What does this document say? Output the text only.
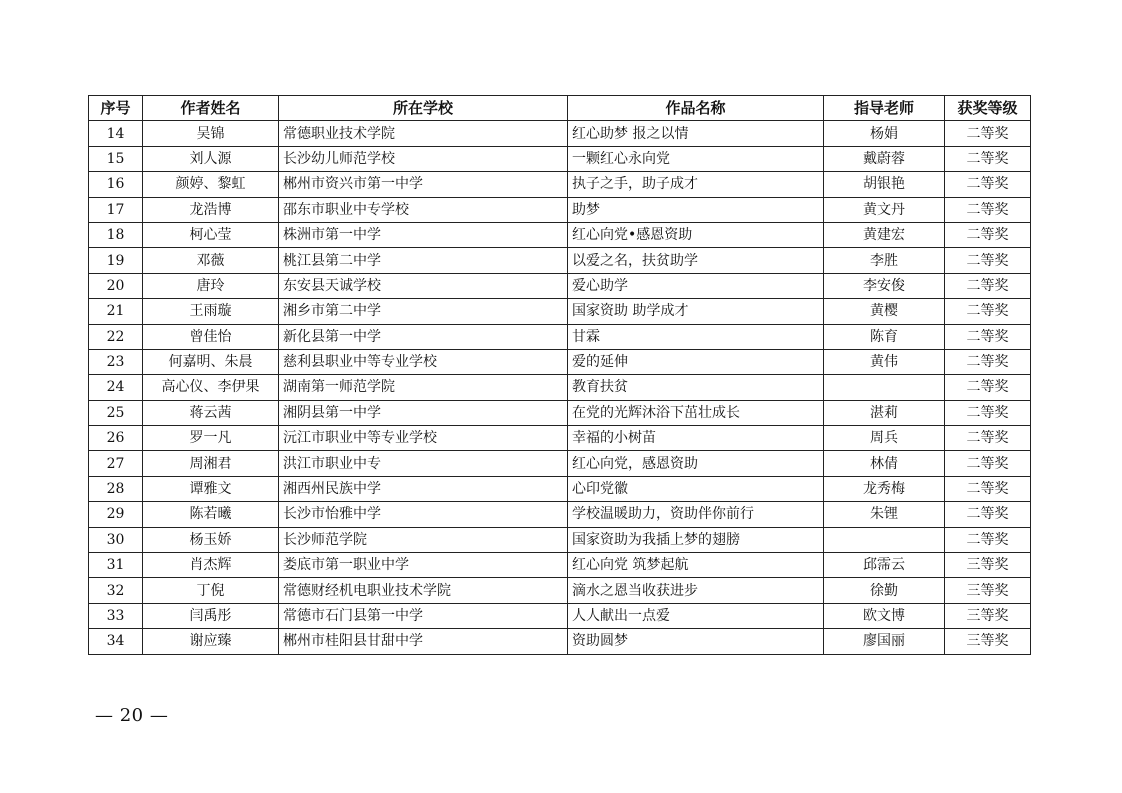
序号	作者姓名	所在学校	作品名称	指导老师	获奖等级
14	吴锦	常德职业技术学院	红心助梦 报之以情	杨娟	二等奖
15	刘人源	长沙幼儿师范学校	一颗红心永向党	戴蔚蓉	二等奖
16	颜婷、黎虹	郴州市资兴市第一中学	执子之手，助子成才	胡银艳	二等奖
17	龙浩博	邵东市职业中专学校	助梦	黄文丹	二等奖
18	柯心莹	株洲市第一中学	红心向党•感恩资助	黄建宏	二等奖
19	邓薇	桃江县第二中学	以爱之名，扶贫助学	李胜	二等奖
20	唐玲	东安县天诚学校	爱心助学	李安俊	二等奖
21	王雨璇	湘乡市第二中学	国家资助 助学成才	黄樱	二等奖
22	曾佳怡	新化县第一中学	甘霖	陈育	二等奖
23	何嘉明、朱晨	慈利县职业中等专业学校	爱的延伸	黄伟	二等奖
24	高心仪、李伊果	湖南第一师范学院	教育扶贫		二等奖
25	蒋云茜	湘阴县第一中学	在党的光辉沐浴下茁壮成长	湛莉	二等奖
26	罗一凡	沅江市职业中等专业学校	幸福的小树苗	周兵	二等奖
27	周湘君	洪江市职业中专	红心向党，感恩资助	林倩	二等奖
28	谭雅文	湘西州民族中学	心印党徽	龙秀梅	二等奖
29	陈若曦	长沙市怡雅中学	学校温暖助力，资助伴你前行	朱锂	二等奖
30	杨玉娇	长沙师范学院	国家资助为我插上梦的翅膀		二等奖
31	肖杰辉	娄底市第一职业中学	红心向党 筑梦起航	邱霈云	三等奖
32	丁倪	常德财经机电职业技术学院	滴水之恩当收获进步	徐勤	三等奖
33	闫禹彤	常德市石门县第一中学	人人献出一点爱	欧文博	三等奖
34	谢应臻	郴州市桂阳县甘甜中学	资助圆梦	廖国丽	三等奖
— 20 —
